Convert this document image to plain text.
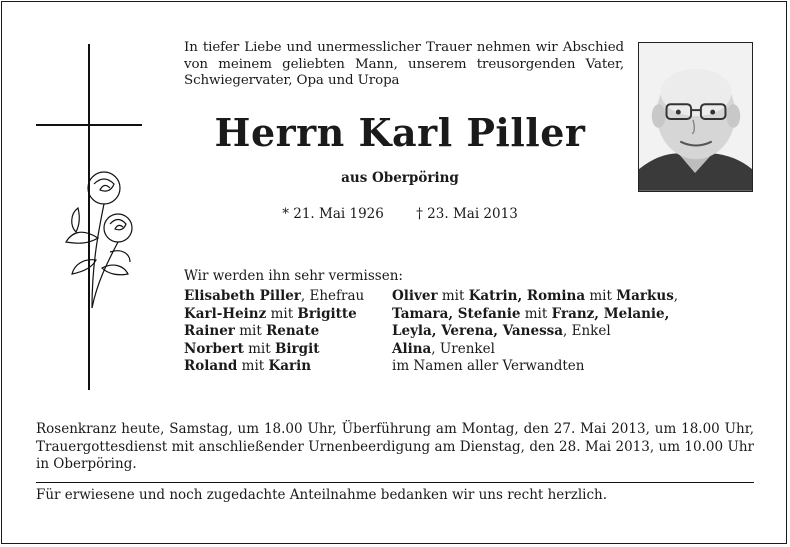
In tiefer Liebe und unermesslicher Trauer nehmen wir Abschied von meinem geliebten Mann, unserem treusorgenden Vater, Schwiegervater, Opa und Uropa
Herrn Karl Piller
aus Oberpöring
* 21. Mai 1926 † 23. Mai 2013
Wir werden ihn sehr vermissen:
Elisabeth Piller, Ehefrau
Karl-Heinz mit Brigitte
Rainer mit Renate
Norbert mit Birgit
Roland mit Karin
Oliver mit Katrin, Romina mit Markus,
Tamara, Stefanie mit Franz, Melanie,
Leyla, Verena, Vanessa, Enkel
Alina, Urenkel
im Namen aller Verwandten
Rosenkranz heute, Samstag, um 18.00 Uhr, Überführung am Montag, den 27. Mai 2013, um 18.00 Uhr, Trauergottesdienst mit anschließender Urnenbeerdigung am Dienstag, den 28. Mai 2013, um 10.00 Uhr in Oberpöring.
Für erwiesene und noch zugedachte Anteilnahme bedanken wir uns recht herzlich.
